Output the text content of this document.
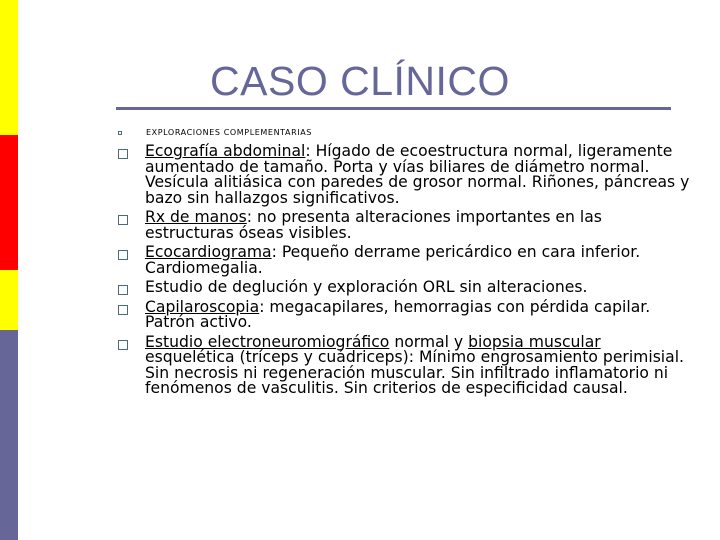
CASO CLÍNICO
EXPLORACIONES COMPLEMENTARIAS
Ecografía abdominal: Hígado de ecoestructura normal, ligeramente aumentado de tamaño. Porta y vías biliares de diámetro normal. Vesícula alitiásica con paredes de grosor normal. Riñones, páncreas y bazo sin hallazgos significativos.
Rx de manos: no presenta alteraciones importantes en las estructuras óseas visibles.
Ecocardiograma: Pequeño derrame pericárdico en cara inferior. Cardiomegalia.
Estudio de deglución y exploración ORL sin alteraciones.
Capilaroscopia: megacapilares, hemorragias con pérdida capilar. Patrón activo.
Estudio electroneuromiográfico normal y biopsia muscular esquelética (tríceps y cuádriceps): Mínimo engrosamiento perimisial. Sin necrosis ni regeneración muscular. Sin infiltrado inflamatorio ni fenómenos de vasculitis. Sin criterios de especificidad causal.
